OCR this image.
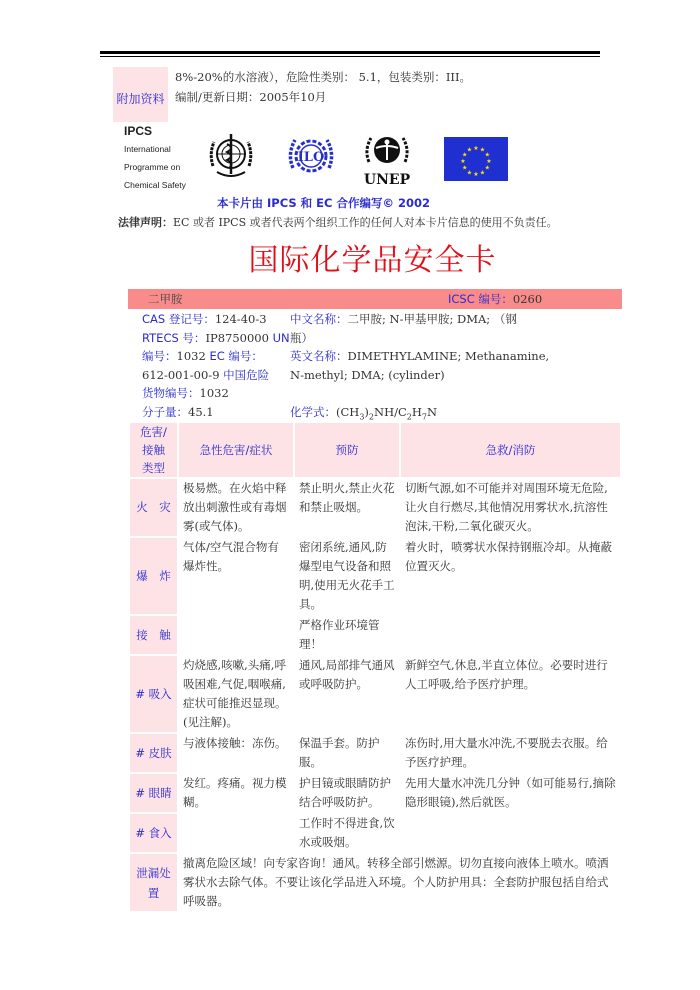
附加资料
8%-20%的水溶液），危险性类别： 5.1，包装类别：III。
编制/更新日期：2005年10月
IPCS
International
Programme on
Chemical Safety
ILO
UNEP
★
★
★
★
★
★
★
★
★ ★ ★
★
本卡片由 IPCS 和 EC 合作编写© 2002
法律声明：EC 或者 IPCS 或者代表两个组织工作的任何人对本卡片信息的使用不负责任。
国际化学品安全卡
二甲胺	ICSC 编号：0260
CAS 登记号：124-40-3
RTECS 号：IP8750000 UN
编号：1032 EC 编号：
612-001-00-9 中国危险
货物编号：1032
分子量：45.1
中文名称：二甲胺; N-甲基甲胺; DMA; （钢
瓶）
英文名称：DIMETHYLAMINE; Methanamine,
N-methyl; DMA; (cylinder)

化学式：$(CH_3)_2NH/C_2H_7N$
危害/接触类型	急性危害/症状	预防	急救/消防
火　灾	极易燃。在火焰中释放出刺激性或有毒烟雾(或气体)。	禁止明火,禁止火花和禁止吸烟。	切断气源,如不可能并对周围环境无危险,让火自行燃尽,其他情况用雾状水,抗溶性泡沫,干粉,二氧化碳灭火。
爆　炸	气体/空气混合物有爆炸性。	密闭系统,通风,防爆型电气设备和照明,使用无火花手工具。	着火时，喷雾状水保持钢瓶冷却。从掩蔽位置灭火。
接　触		严格作业环境管理！	
# 吸入	灼烧感,咳嗽,头痛,呼吸困难,气促,咽喉痛,症状可能推迟显现。(见注解)。	通风,局部排气通风或呼吸防护。	新鲜空气,休息,半直立体位。必要时进行人工呼吸,给予医疗护理。
# 皮肤	与液体接触：冻伤。	保温手套。防护服。	冻伤时,用大量水冲洗,不要脱去衣服。给予医疗护理。
# 眼睛	发红。疼痛。视力模糊。	护目镜或眼睛防护结合呼吸防护。	先用大量水冲洗几分钟（如可能易行,摘除隐形眼镜),然后就医。
# 食入		工作时不得进食,饮水或吸烟。	
泄漏处置	撤离危险区域！向专家咨询！通风。转移全部引燃源。切勿直接向液体上喷水。喷洒雾状水去除气体。不要让该化学品进入环境。个人防护用具：全套防护服包括自给式呼吸器。		
